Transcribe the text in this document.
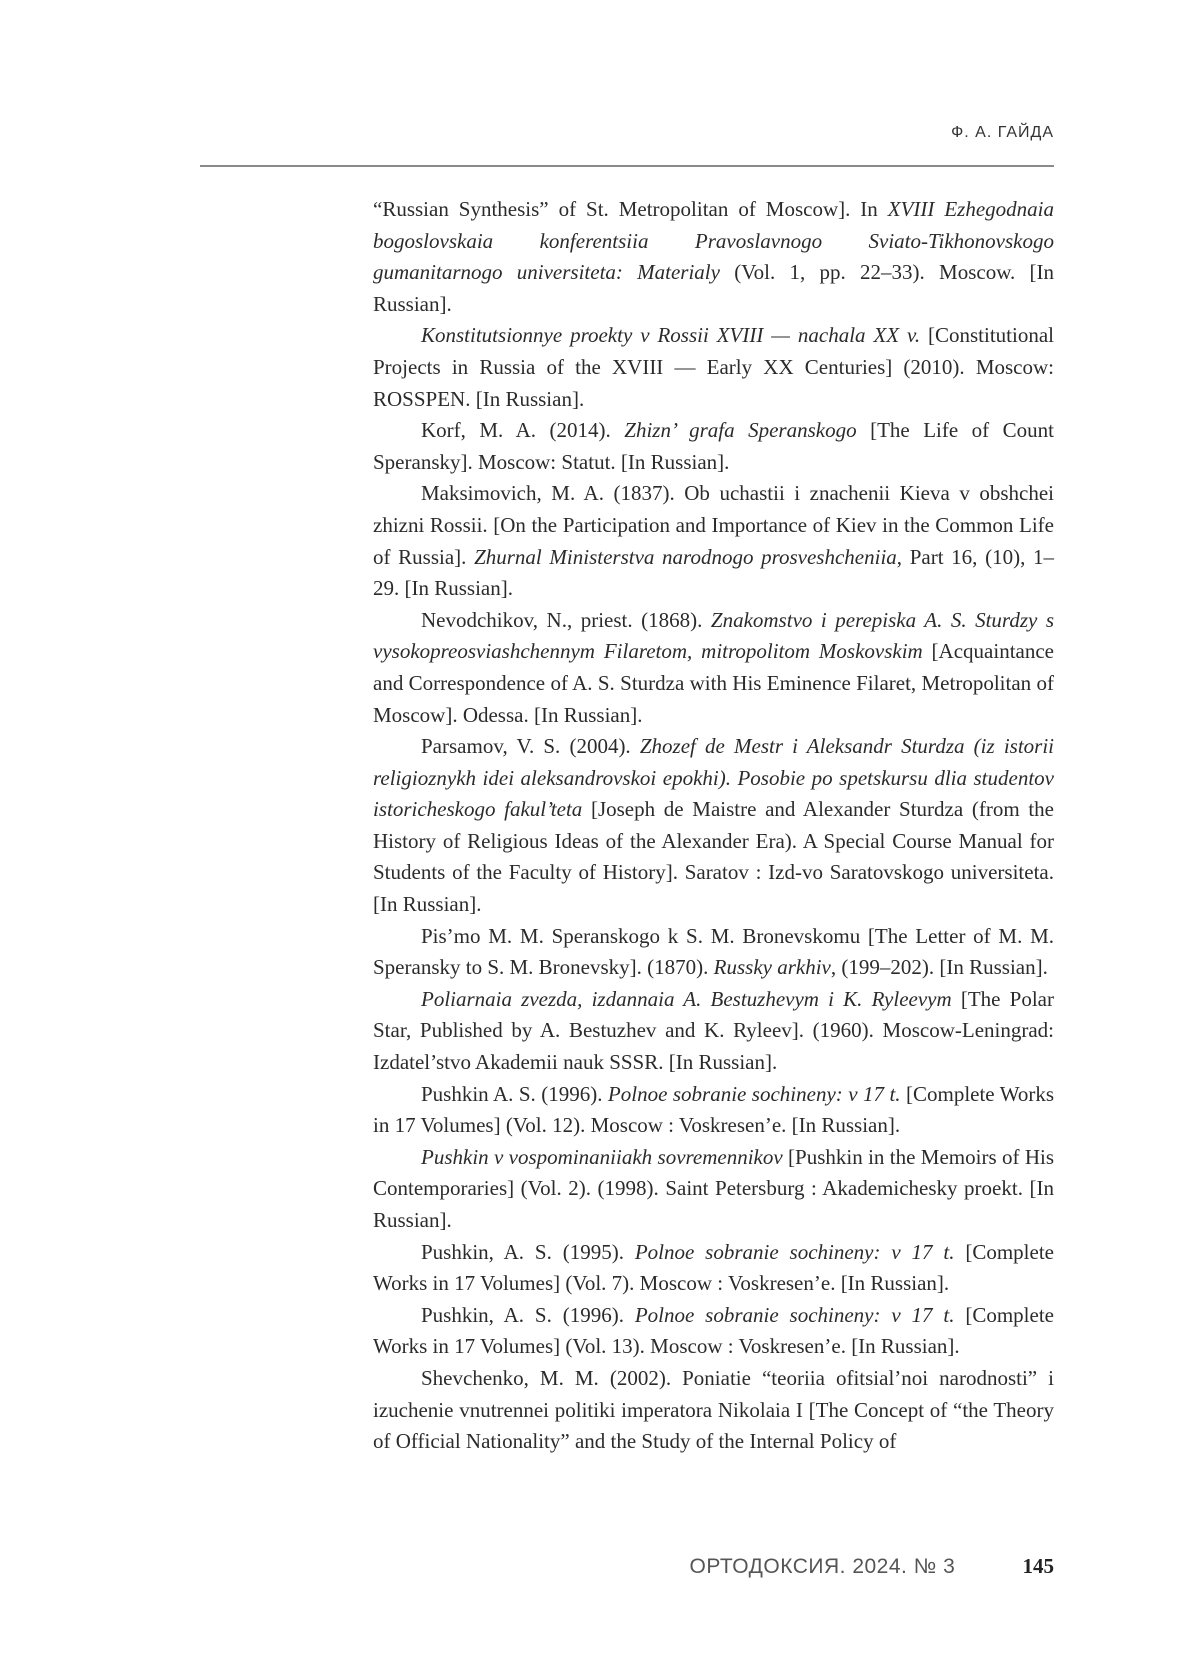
Ф. А. ГАЙДА
“Russian Synthesis” of St. Metropolitan of Moscow]. In XVIII Ezhegodnaia bogoslovskaia konferentsiia Pravoslavnogo Sviato-Tikhonovskogo gumanitarnogo universiteta: Materialy (Vol. 1, pp. 22–33). Moscow. [In Russian].
Konstitutsionnye proekty v Rossii XVIII — nachala XX v. [Constitutional Projects in Russia of the XVIII — Early XX Centuries] (2010). Moscow: ROSSPEN. [In Russian].
Korf, M. A. (2014). Zhizn’ grafa Speranskogo [The Life of Count Speransky]. Moscow: Statut. [In Russian].
Maksimovich, M. A. (1837). Ob uchastii i znachenii Kieva v obshchei zhizni Rossii. [On the Participation and Importance of Kiev in the Common Life of Russia]. Zhurnal Ministerstva narodnogo prosveshcheniia, Part 16, (10), 1–29. [In Russian].
Nevodchikov, N., priest. (1868). Znakomstvo i perepiska A. S. Sturdzy s vysokopreosviashchennym Filaretom, mitropolitom Moskovskim [Acquaintance and Correspondence of A. S. Sturdza with His Eminence Filaret, Metropolitan of Moscow]. Odessa. [In Russian].
Parsamov, V. S. (2004). Zhozef de Mestr i Aleksandr Sturdza (iz istorii religioznykh idei aleksandrovskoi epokhi). Posobie po spetskursu dlia studentov istoricheskogo fakul’teta [Joseph de Maistre and Alexander Sturdza (from the History of Religious Ideas of the Alexander Era). A Special Course Manual for Students of the Faculty of History]. Saratov : Izd-vo Saratovskogo universiteta. [In Russian].
Pis’mo M. M. Speranskogo k S. M. Bronevskomu [The Letter of M. M. Speransky to S. M. Bronevsky]. (1870). Russky arkhiv, (199–202). [In Russian].
Poliarnaia zvezda, izdannaia A. Bestuzhevym i K. Ryleevym [The Polar Star, Published by A. Bestuzhev and K. Ryleev]. (1960). Moscow-Leningrad: Izdatel’stvo Akademii nauk SSSR. [In Russian].
Pushkin A. S. (1996). Polnoe sobranie sochineny: v 17 t. [Complete Works in 17 Volumes] (Vol. 12). Moscow : Voskresen’e. [In Russian].
Pushkin v vospominaniiakh sovremennikov [Pushkin in the Memoirs of His Contemporaries] (Vol. 2). (1998). Saint Petersburg : Akademichesky proekt. [In Russian].
Pushkin, A. S. (1995). Polnoe sobranie sochineny: v 17 t. [Complete Works in 17 Volumes] (Vol. 7). Moscow : Voskresen’e. [In Russian].
Pushkin, A. S. (1996). Polnoe sobranie sochineny: v 17 t. [Complete Works in 17 Volumes] (Vol. 13). Moscow : Voskresen’e. [In Russian].
Shevchenko, M. M. (2002). Poniatie “teoriia ofitsial’noi narodnosti” i izuchenie vnutrennei politiki imperatora Nikolaia I [The Concept of “the Theory of Official Nationality” and the Study of the Internal Policy of
ОРТОДОКСИЯ. 2024. № 3	145
